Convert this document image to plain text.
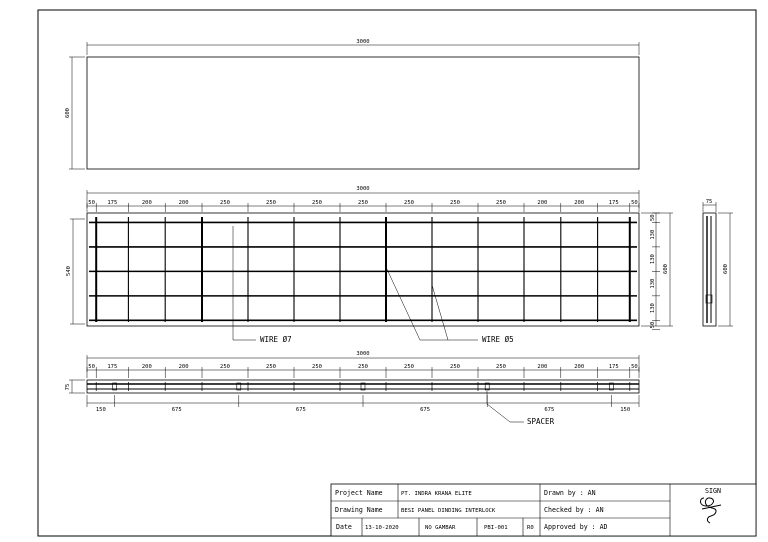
3000
600
3000
50 175	200	200	250	250	250	250	250	250	250	200	200	175 50
540
50
130
130
130
130
50
600
WIRE Ø7	WIRE Ø5
75
600
3000
50 175	200	200	250	250	250	250	250	250	250	200	200	175 50
75
150	675	675	675	675	150
SPACER
Project Name	PT. INDRA KRANA ELITE
Drawing Name	BESI PANEL DINDING INTERLOCK
Date 13-10-2020	NO GAMBAR	PBI-001	R0
Drawn by : AN
Checked by : AN
Approved by : AD
SIGN
